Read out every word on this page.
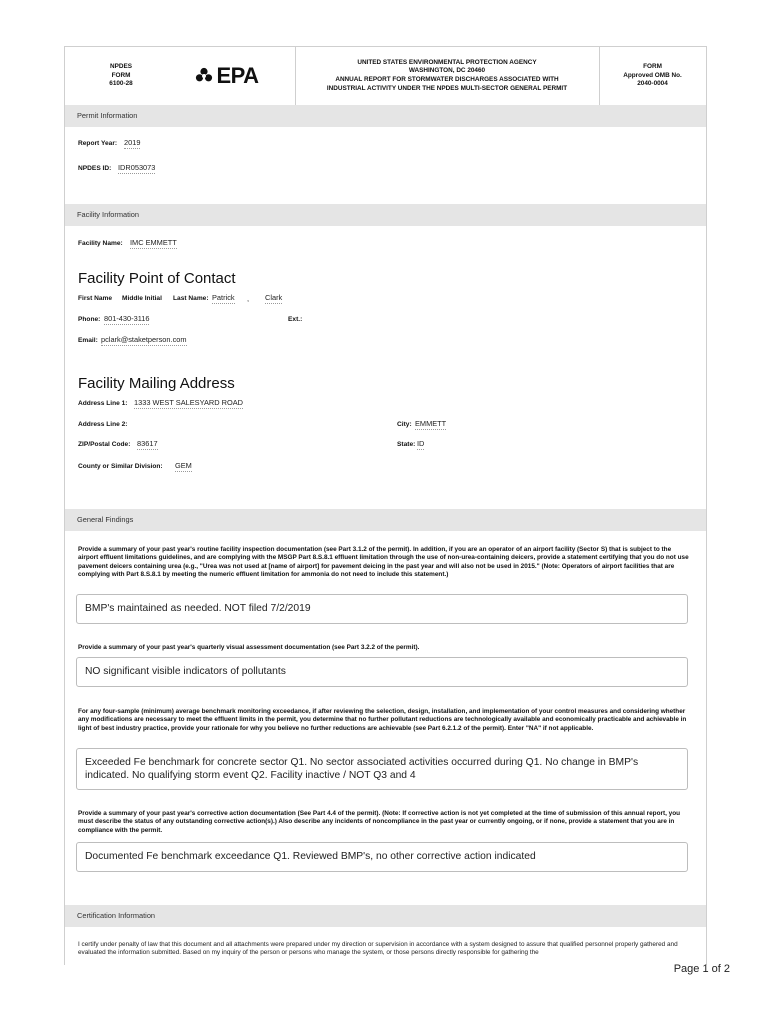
NPDES
FORM
6100-28	EPA
UNITED STATES ENVIRONMENTAL PROTECTION AGENCY
WASHINGTON, DC 20460
ANNUAL REPORT FOR STORMWATER DISCHARGES ASSOCIATED WITH
INDUSTRIAL ACTIVITY UNDER THE NPDES MULTI-SECTOR GENERAL PERMIT
FORM
Approved OMB No.
2040-0004
Permit Information
Facility Information
General Findings
Certification Information
Report Year: 2019
NPDES ID: IDR053073
Facility Name: IMC EMMETT
Facility Point of Contact
First Name Middle Initial Last Name: Patrick , Clark
Phone: 801-430-3116	Ext.:
Email: pclark@staketperson.com
Facility Mailing Address
Address Line 1: 1333 WEST SALESYARD ROAD
Address Line 2:	City: EMMETT
ZIP/Postal Code: 83617	State: ID
County or Similar Division: GEM
Provide a summary of your past year's routine facility inspection documentation (see Part 3.1.2 of the permit). In addition, if you are an operator of an airport facility (Sector S) that is subject to the airport effluent limitations guidelines, and are complying with the MSGP Part 8.S.8.1 effluent limitation through the use of non-urea-containing deicers, provide a statement certifying that you do not use pavement deicers containing urea (e.g., "Urea was not used at [name of airport] for pavement deicing in the past year and will also not be used in 2015." (Note: Operators of airport facilities that are complying with Part 8.S.8.1 by meeting the numeric effluent limitation for ammonia do not need to include this statement.)
BMP's maintained as needed. NOT filed 7/2/2019
Provide a summary of your past year's quarterly visual assessment documentation (see Part 3.2.2 of the permit).
NO significant visible indicators of pollutants
For any four-sample (minimum) average benchmark monitoring exceedance, if after reviewing the selection, design, installation, and implementation of your control measures and considering whether any modifications are necessary to meet the effluent limits in the permit, you determine that no further pollutant reductions are technologically available and economically practicable and achievable in light of best industry practice, provide your rationale for why you believe no further reductions are achievable (see Part 6.2.1.2 of the permit). Enter "NA" if not applicable.
Exceeded Fe benchmark for concrete sector Q1. No sector associated activities occurred during Q1. No change in BMP's indicated. No qualifying storm event Q2. Facility inactive / NOT Q3 and 4
Provide a summary of your past year's corrective action documentation (See Part 4.4 of the permit). (Note: If corrective action is not yet completed at the time of submission of this annual report, you must describe the status of any outstanding corrective action(s).) Also describe any incidents of noncompliance in the past year or currently ongoing, or if none, provide a statement that you are in compliance with the permit.
Documented Fe benchmark exceedance Q1. Reviewed BMP's, no other corrective action indicated
I certify under penalty of law that this document and all attachments were prepared under my direction or supervision in accordance with a system designed to assure that qualified personnel properly gathered and evaluated the information submitted. Based on my inquiry of the person or persons who manage the system, or those persons directly responsible for gathering the
Page 1 of 2
